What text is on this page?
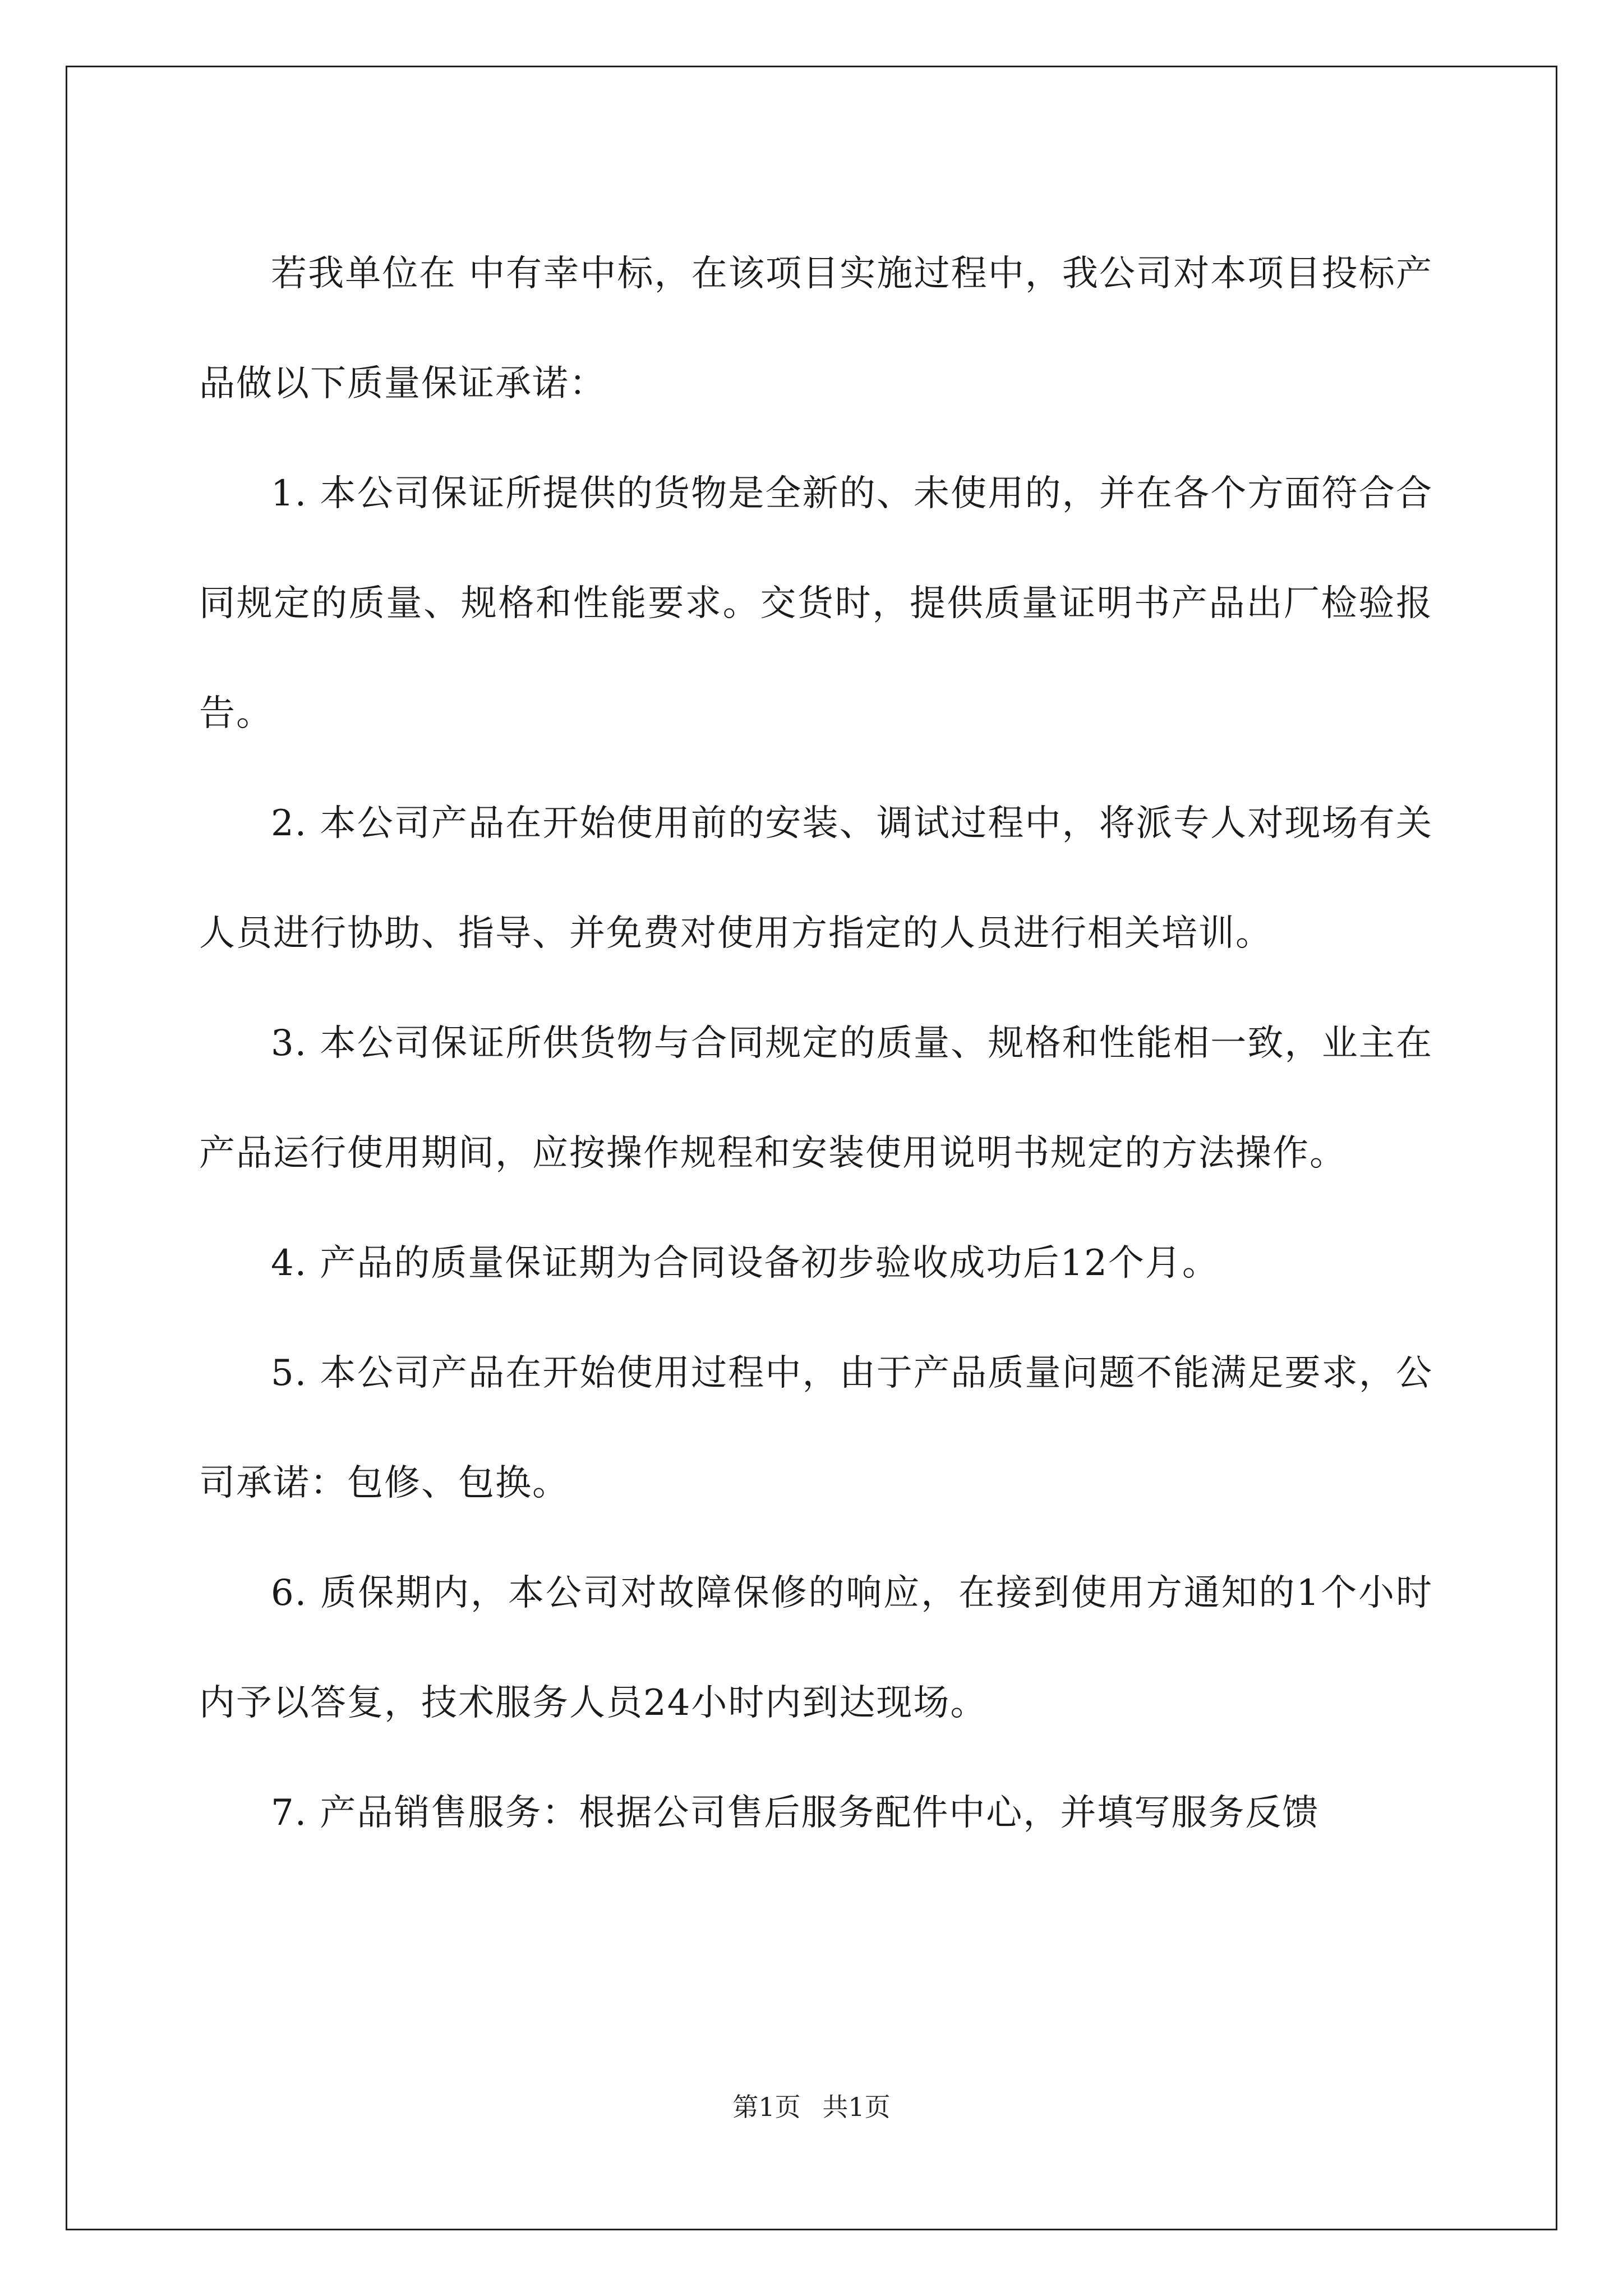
若我单位在 中有幸中标，在该项目实施过程中，我公司对本项目投标产品做以下质量保证承诺：

1. 本公司保证所提供的货物是全新的、未使用的，并在各个方面符合合同规定的质量、规格和性能要求。交货时，提供质量证明书产品出厂检验报告。

2. 本公司产品在开始使用前的安装、调试过程中，将派专人对现场有关人员进行协助、指导、并免费对使用方指定的人员进行相关培训。

3. 本公司保证所供货物与合同规定的质量、规格和性能相一致，业主在产品运行使用期间，应按操作规程和安装使用说明书规定的方法操作。

4. 产品的质量保证期为合同设备初步验收成功后12个月。

5. 本公司产品在开始使用过程中，由于产品质量问题不能满足要求，公司承诺：包修、包换。

6. 质保期内，本公司对故障保修的响应，在接到使用方通知的1个小时内予以答复，技术服务人员24小时内到达现场。

7. 产品销售服务：根据公司售后服务配件中心，并填写服务反馈

第1页 共1页
